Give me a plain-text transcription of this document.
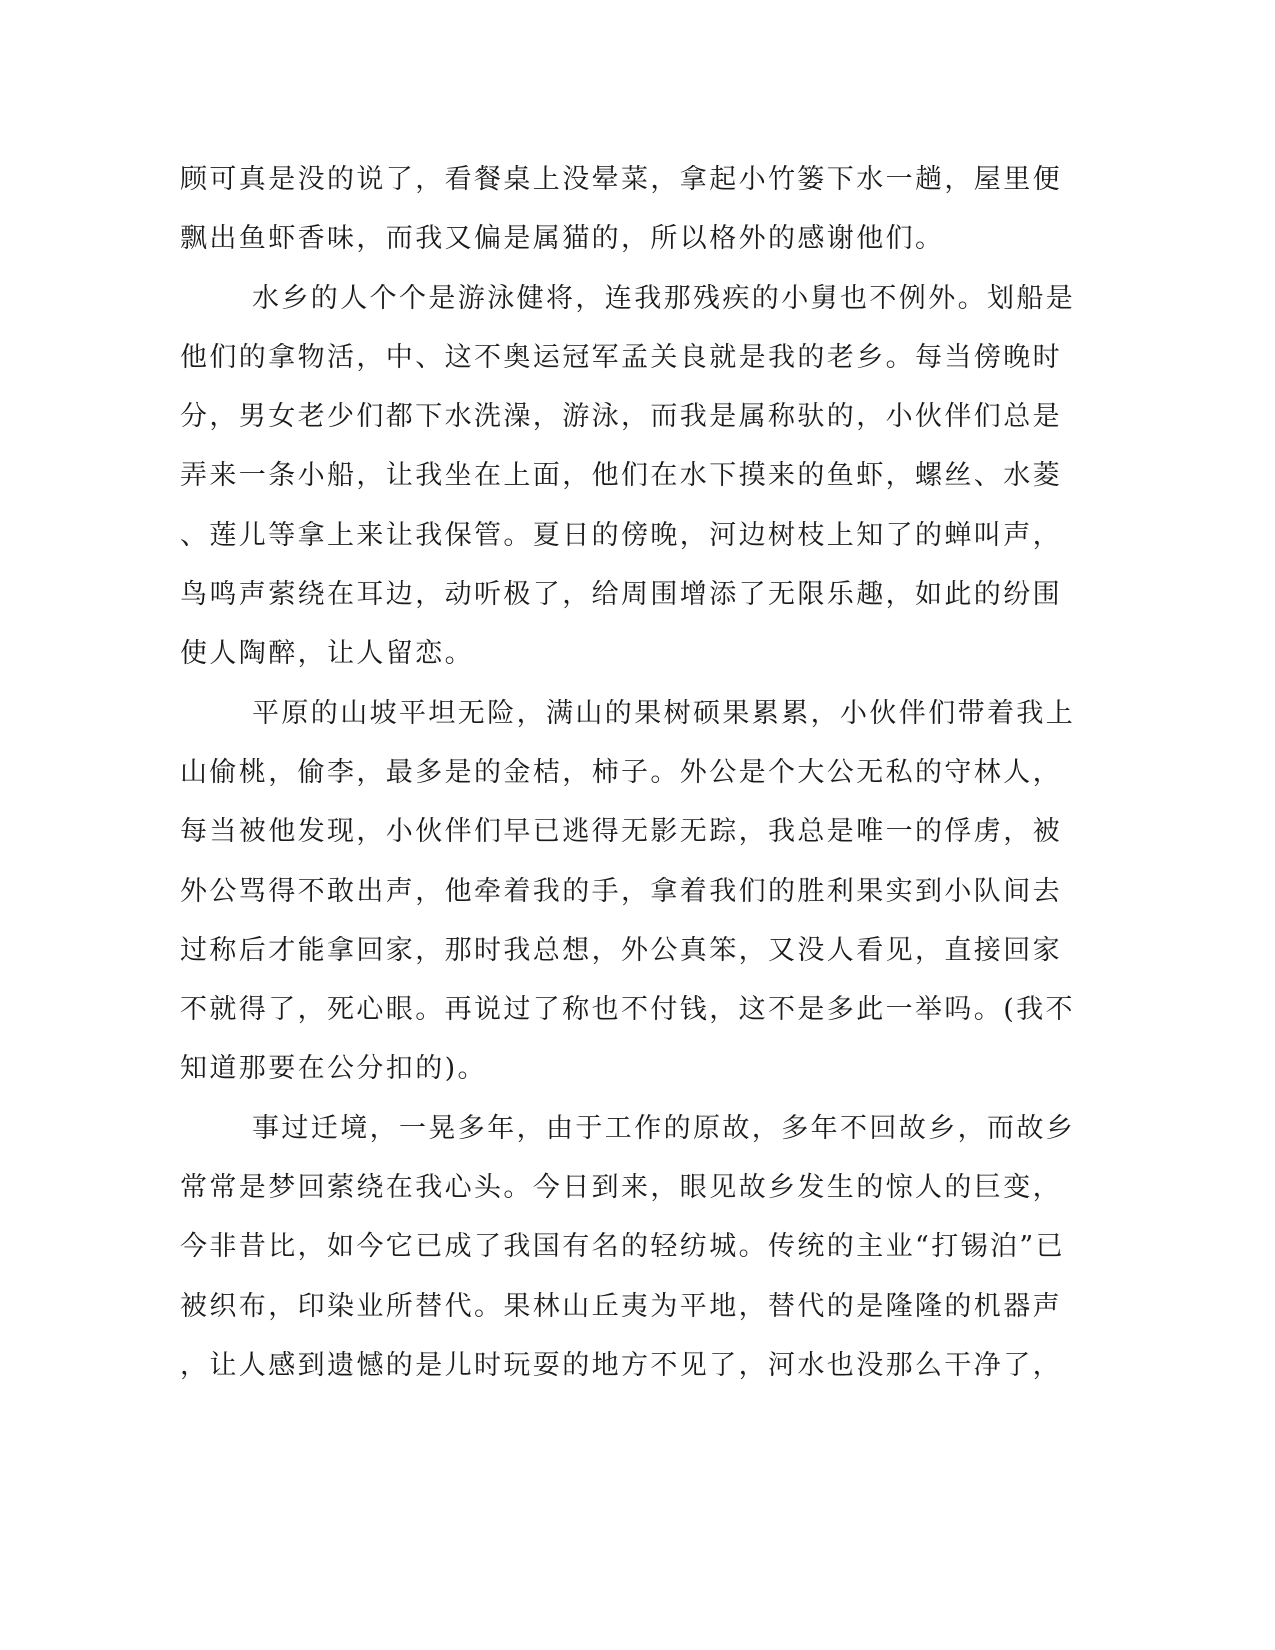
顾可真是没的说了，看餐桌上没晕菜，拿起小竹篓下水一趟，屋里便
飘出鱼虾香味，而我又偏是属猫的，所以格外的感谢他们。
水乡的人个个是游泳健将，连我那残疾的小舅也不例外。划船是
他们的拿物活，中、这不奥运冠军孟关良就是我的老乡。每当傍晚时
分，男女老少们都下水洗澡，游泳，而我是属称驮的，小伙伴们总是
弄来一条小船，让我坐在上面，他们在水下摸来的鱼虾，螺丝、水菱
、莲儿等拿上来让我保管。夏日的傍晚，河边树枝上知了的蝉叫声，
鸟鸣声萦绕在耳边，动听极了，给周围增添了无限乐趣，如此的纷围
使人陶醉，让人留恋。
平原的山坡平坦无险，满山的果树硕果累累，小伙伴们带着我上
山偷桃，偷李，最多是的金桔，柿子。外公是个大公无私的守林人，
每当被他发现，小伙伴们早已逃得无影无踪，我总是唯一的俘虏，被
外公骂得不敢出声，他牵着我的手，拿着我们的胜利果实到小队间去
过称后才能拿回家，那时我总想，外公真笨，又没人看见，直接回家
不就得了，死心眼。再说过了称也不付钱，这不是多此一举吗。(我不
知道那要在公分扣的)。
事过迁境，一晃多年，由于工作的原故，多年不回故乡，而故乡
常常是梦回萦绕在我心头。今日到来，眼见故乡发生的惊人的巨变，
今非昔比，如今它已成了我国有名的轻纺城。传统的主业“打锡泊”已
被织布，印染业所替代。果林山丘夷为平地，替代的是隆隆的机器声
，让人感到遗憾的是儿时玩耍的地方不见了，河水也没那么干净了，
